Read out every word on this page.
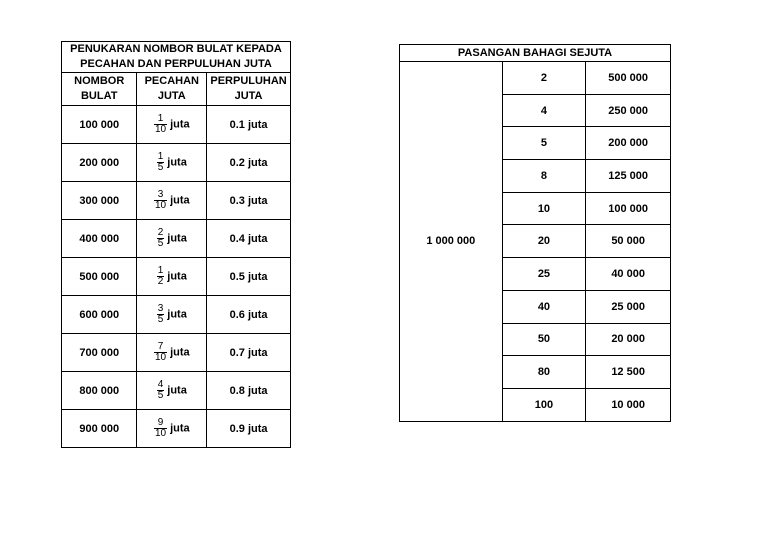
PENUKARAN NOMBOR BULAT KEPADA PECAHAN DAN PERPULUHAN JUTA		
NOMBOR BULAT	PECAHAN JUTA	PERPULUHAN JUTA
100 000	$\frac{1}{10}$ juta	0.1 juta
200 000	$\frac{1}{5}$ juta	0.2 juta
300 000	$\frac{3}{10}$ juta	0.3 juta
400 000	$\frac{2}{5}$ juta	0.4 juta
500 000	$\frac{1}{2}$ juta	0.5 juta
600 000	$\frac{3}{5}$ juta	0.6 juta
700 000	$\frac{7}{10}$ juta	0.7 juta
800 000	$\frac{4}{5}$ juta	0.8 juta
900 000	$\frac{9}{10}$ juta	0.9 juta
PASANGAN BAHAGI SEJUTA		
1 000 000	2	500 000
	4	250 000
	5	200 000
	8	125 000
	10	100 000
	20	50 000
	25	40 000
	40	25 000
	50	20 000
	80	12 500
	100	10 000
